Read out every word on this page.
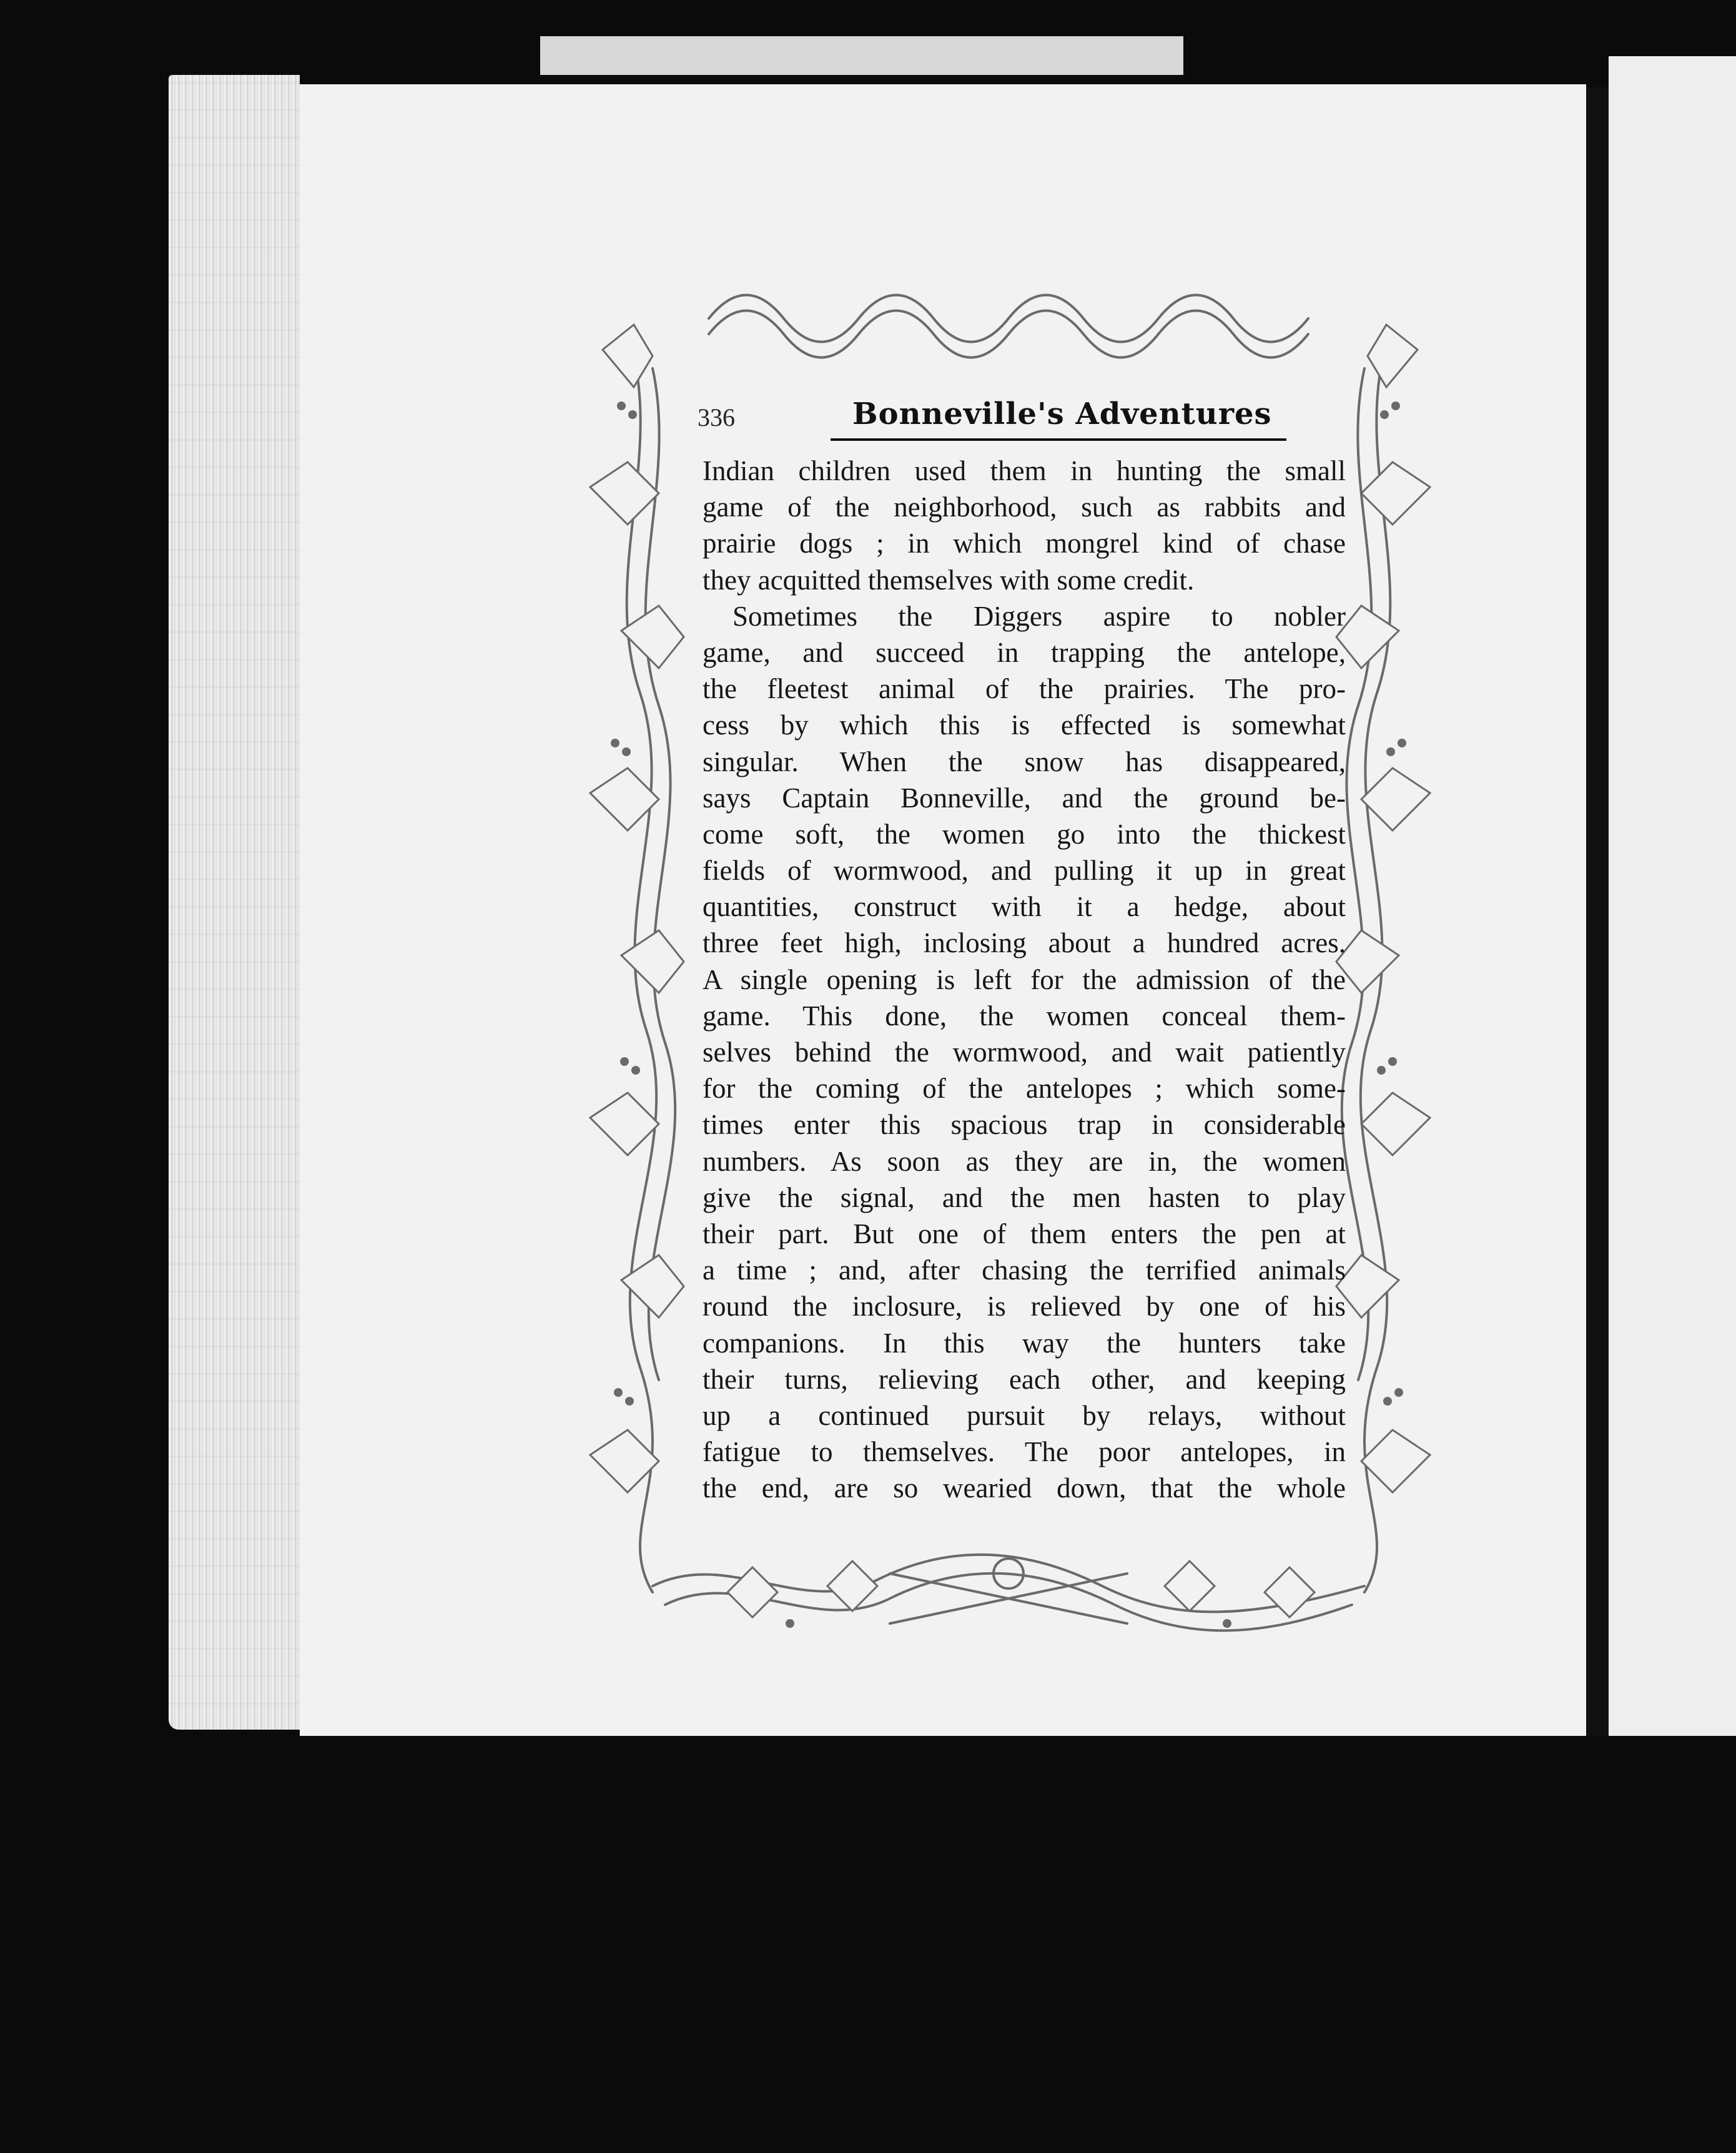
336	Bonneville's Adventures
Indian children used them in hunting the small
game of the neighborhood, such as rabbits and
prairie dogs ; in which mongrel kind of chase
they acquitted themselves with some credit.
Sometimes the Diggers aspire to nobler
game, and succeed in trapping the antelope,
the fleetest animal of the prairies. The pro-
cess by which this is effected is somewhat
singular. When the snow has disappeared,
says Captain Bonneville, and the ground be-
come soft, the women go into the thickest
fields of wormwood, and pulling it up in great
quantities, construct with it a hedge, about
three feet high, inclosing about a hundred acres.
A single opening is left for the admission of the
game. This done, the women conceal them-
selves behind the wormwood, and wait patiently
for the coming of the antelopes ; which some-
times enter this spacious trap in considerable
numbers. As soon as they are in, the women
give the signal, and the men hasten to play
their part. But one of them enters the pen at
a time ; and, after chasing the terrified animals
round the inclosure, is relieved by one of his
companions. In this way the hunters take
their turns, relieving each other, and keeping
up a continued pursuit by relays, without
fatigue to themselves. The poor antelopes, in
the end, are so wearied down, that the whole
